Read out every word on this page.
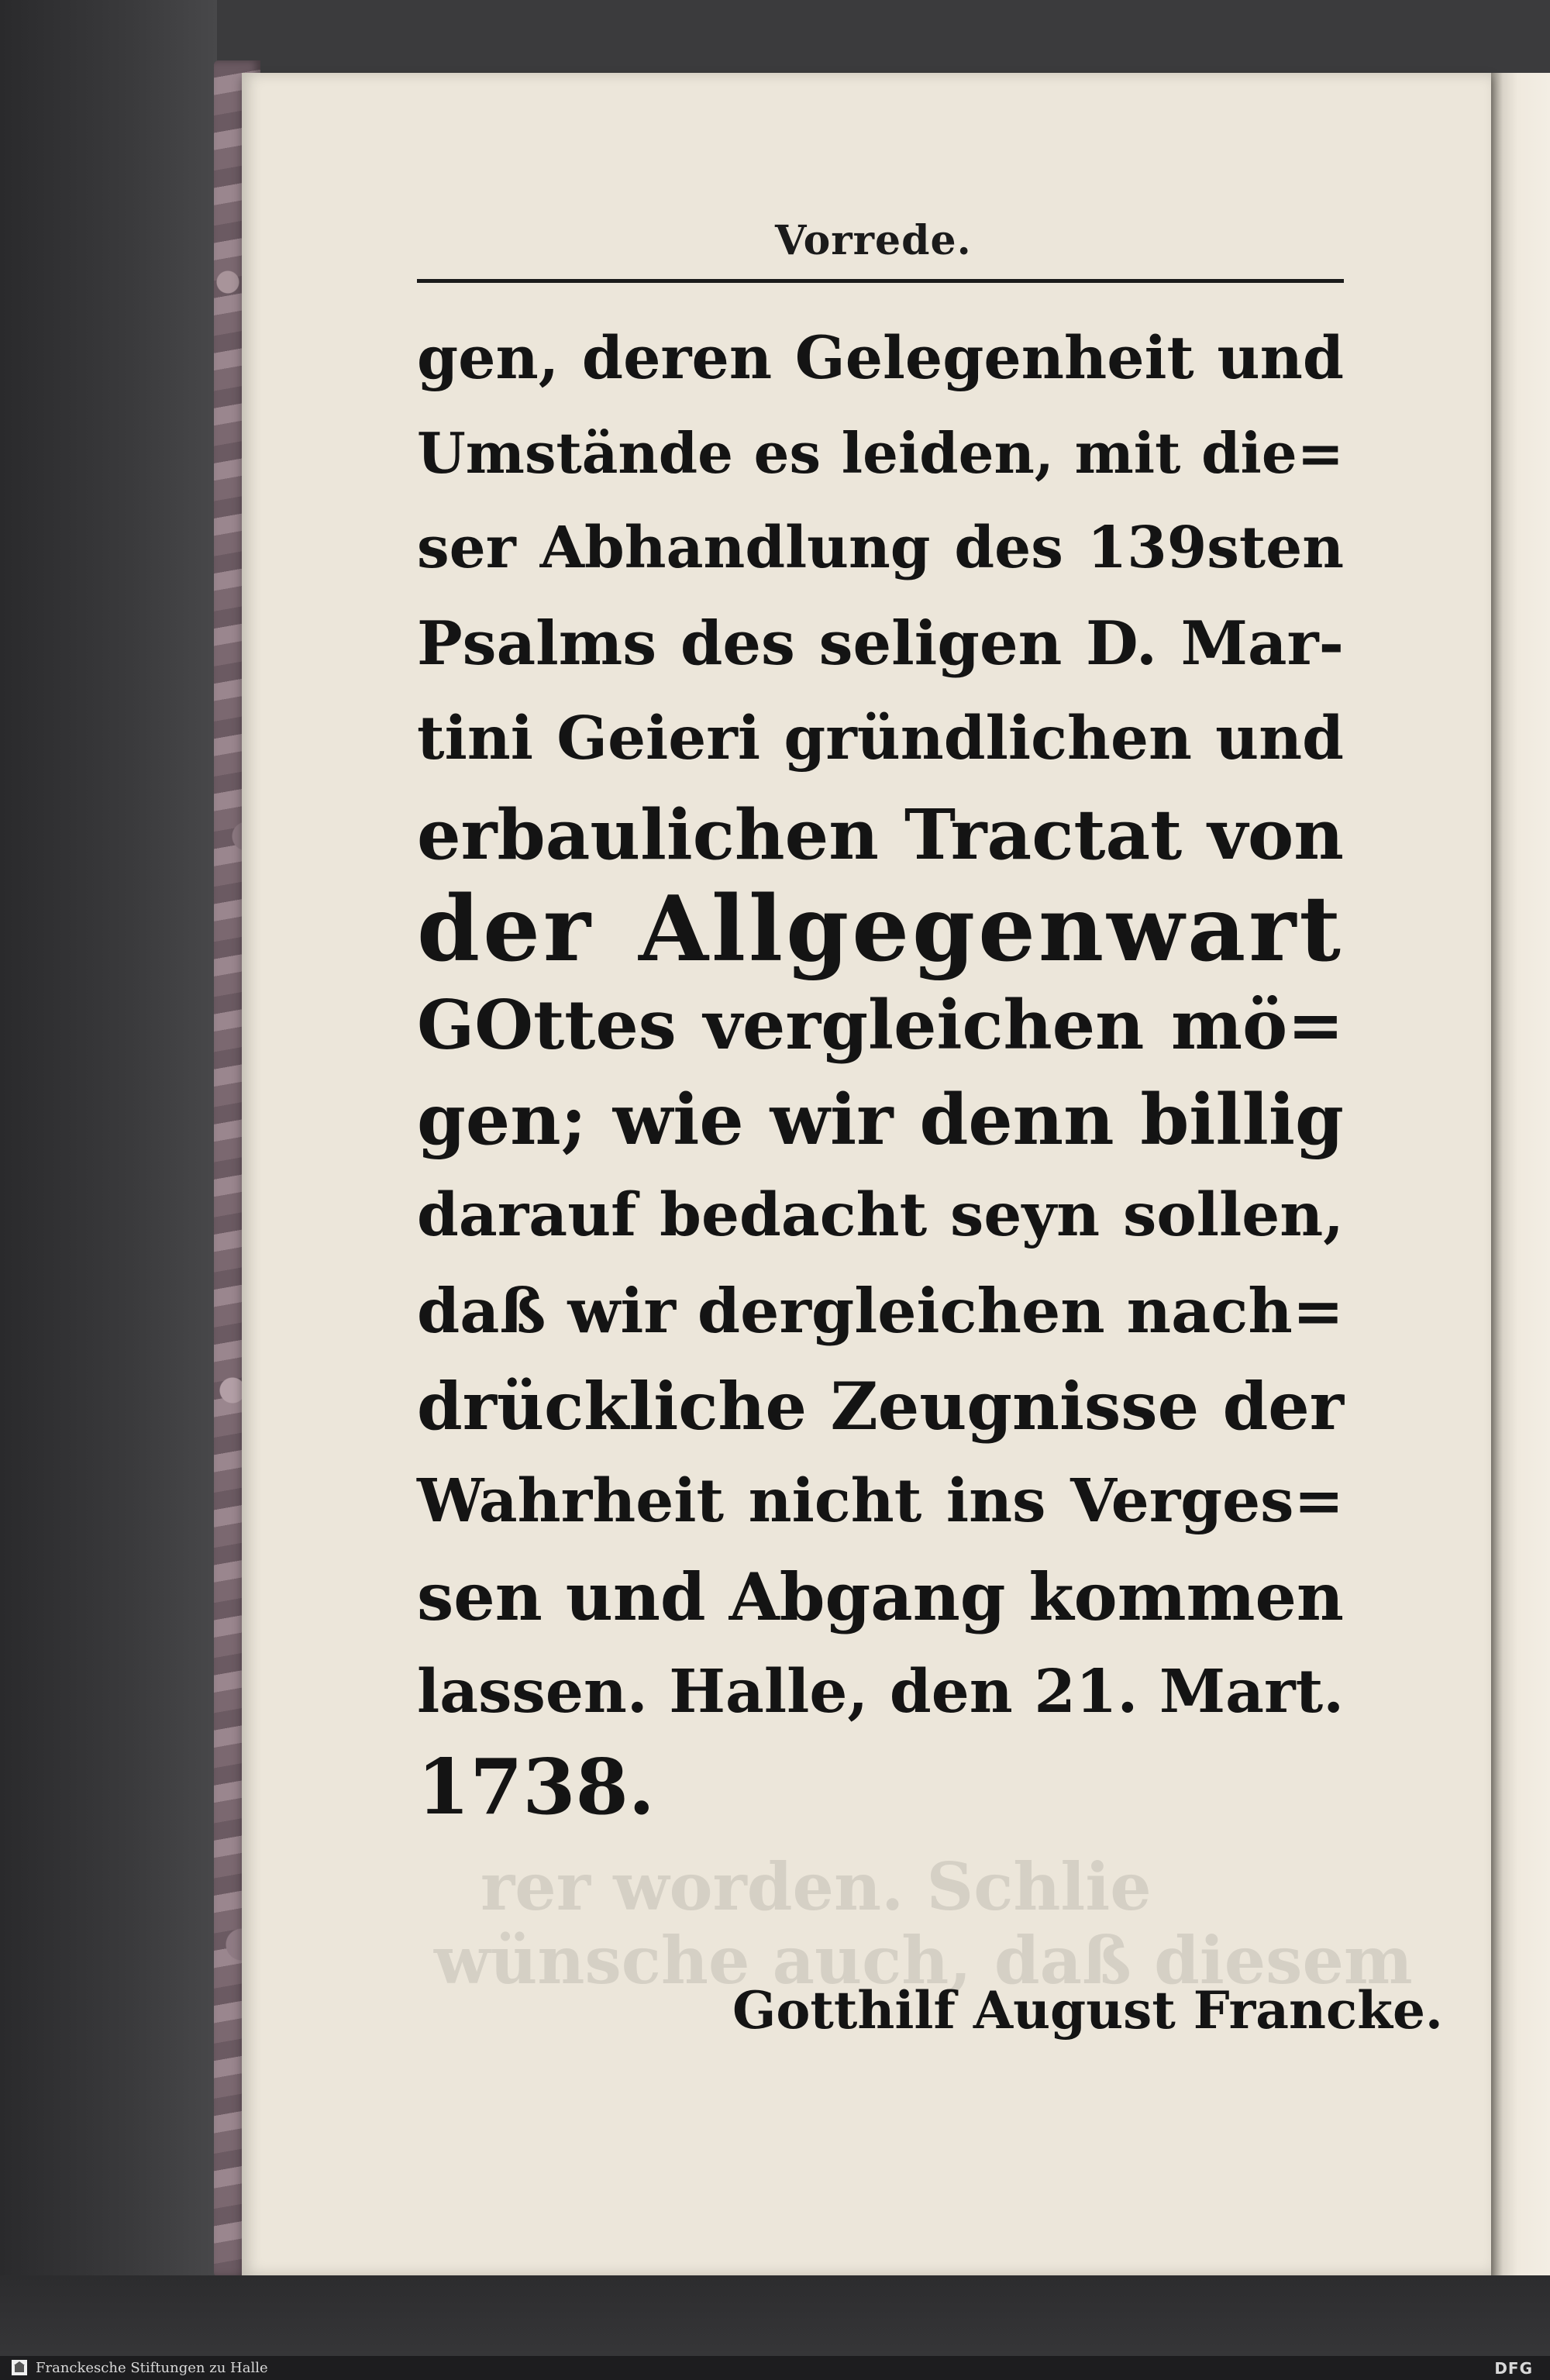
rer worden. Schlie
wünsche auch, daß diesem
Vorrede.
gen, deren Gelegenheit und
Umstände es leiden, mit die=
ser Abhandlung des 139sten
Psalms des seligen D. Mar-
tini Geieri gründlichen und
erbaulichen Tractat von
der Allgegenwart
GOttes vergleichen mö=
gen; wie wir denn billig
darauf bedacht seyn sollen,
daß wir dergleichen nach=
drückliche Zeugnisse der
Wahrheit nicht ins Verges=
sen und Abgang kommen
lassen. Halle, den 21. Mart.
1738.
Gotthilf August Francke.
Franckesche Stiftungen zu Halle	DFG
